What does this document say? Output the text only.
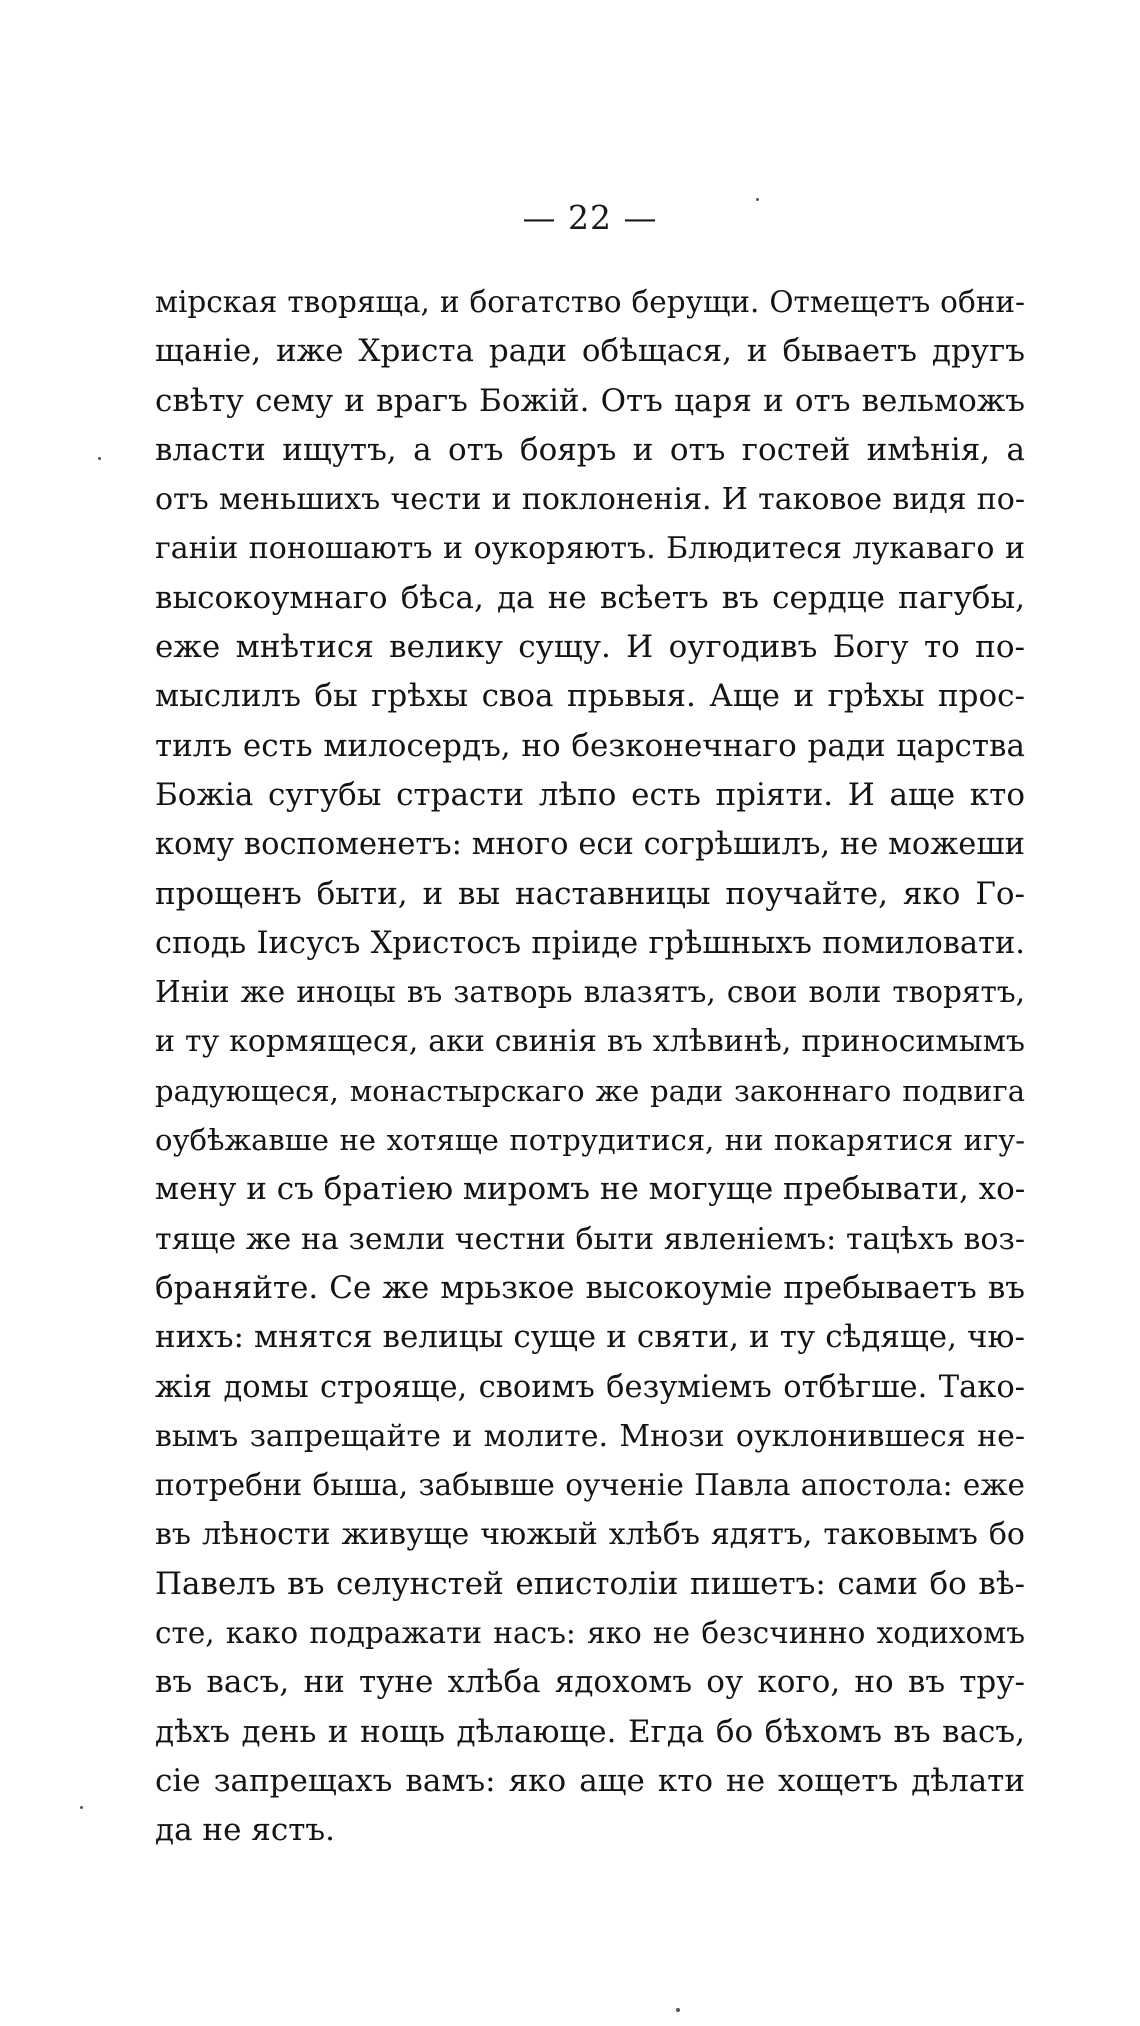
— 22 —
мірская творяща, и богатство берущи. Отмещетъ обни-
щаніе, иже Христа ради обѣщася, и бываетъ другъ
свѣту сему и врагъ Божій. Отъ царя и отъ вельможъ
власти ищутъ, а отъ бояръ и отъ гостей имѣнія, а
отъ меньшихъ чести и поклоненія. И таковое видя по-
ганіи поношаютъ и оукоряютъ. Блюдитеся лукаваго и
высокоумнаго бѣса, да не всѣетъ въ сердце пагубы,
еже мнѣтися велику сущу. И оугодивъ Богу то по-
мыслилъ бы грѣхы своа прьвыя. Аще и грѣхы прос-
тилъ есть милосердъ, но безконечнаго ради царства
Божіа сугубы страсти лѣпо есть пріяти. И аще кто
кому воспоменетъ: много еси согрѣшилъ, не можеши
прощенъ быти, и вы наставницы поучайте, яко Го-
сподь Іисусъ Христосъ пріиде грѣшныхъ помиловати.
Иніи же иноцы въ затворь влазятъ, свои воли творятъ,
и ту кормящеся, аки свинія въ хлѣвинѣ, приносимымъ
радующеся, монастырскаго же ради законнаго подвига
оубѣжавше не хотяще потрудитися, ни покарятися игу-
мену и съ братіею миромъ не могуще пребывати, хо-
тяще же на земли честни быти явленіемъ: тацѣхъ воз-
браняйте. Се же мрьзкое высокоуміе пребываетъ въ
нихъ: мнятся велицы суще и святи, и ту сѣдяще, чю-
жія домы строяще, своимъ безуміемъ отбѣгше. Тако-
вымъ запрещайте и молите. Мнози оуклонившеся не-
потребни быша, забывше оученіе Павла апостола: еже
въ лѣности живуще чюжый хлѣбъ ядятъ, таковымъ бо
Павелъ въ селунстей епистоліи пишетъ: сами бо вѣ-
сте, како подражати насъ: яко не безсчинно ходихомъ
въ васъ, ни туне хлѣба ядохомъ оу кого, но въ тру-
дѣхъ день и нощь дѣлающе. Егда бо бѣхомъ въ васъ,
сіе запрещахъ вамъ: яко аще кто не хощетъ дѣлати
да не ястъ.
